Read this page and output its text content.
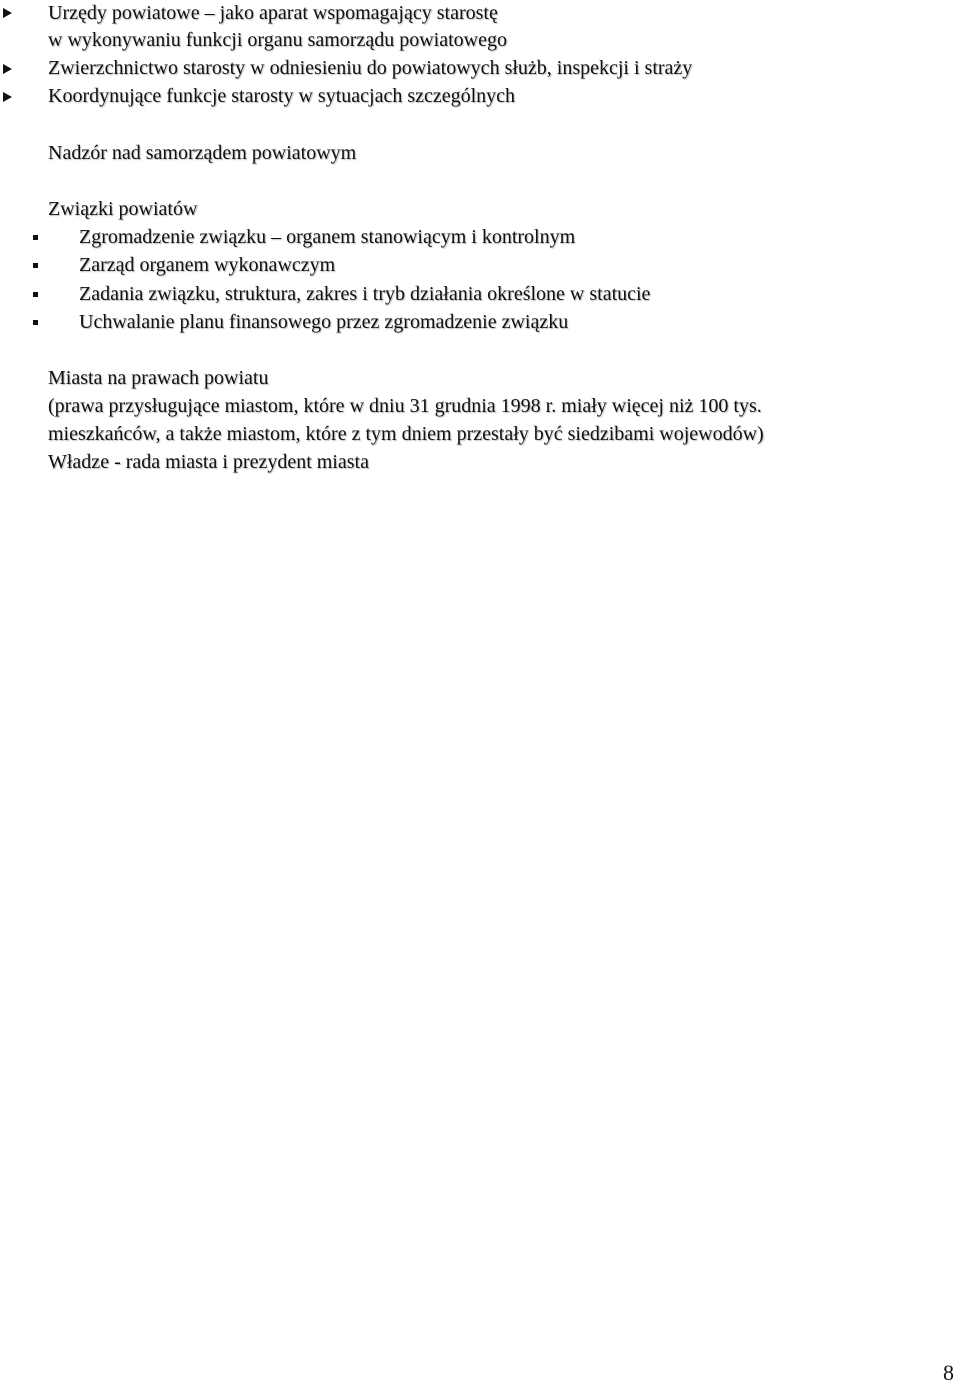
Urzędy powiatowe – jako aparat wspomagający starostę
w wykonywaniu funkcji organu samorządu powiatowego
Zwierzchnictwo starosty w odniesieniu do powiatowych służb, inspekcji i straży
Koordynujące funkcje starosty w sytuacjach szczególnych
Nadzór nad samorządem powiatowym
Związki powiatów
Zgromadzenie związku – organem stanowiącym i kontrolnym
Zarząd organem wykonawczym
Zadania związku, struktura, zakres i tryb działania określone w statucie
Uchwalanie planu finansowego przez zgromadzenie związku
Miasta na prawach powiatu
(prawa przysługujące miastom, które w dniu 31 grudnia 1998 r. miały więcej niż 100 tys.
mieszkańców, a także miastom, które z tym dniem przestały być siedzibami wojewodów)
Władze - rada miasta i prezydent miasta
8
